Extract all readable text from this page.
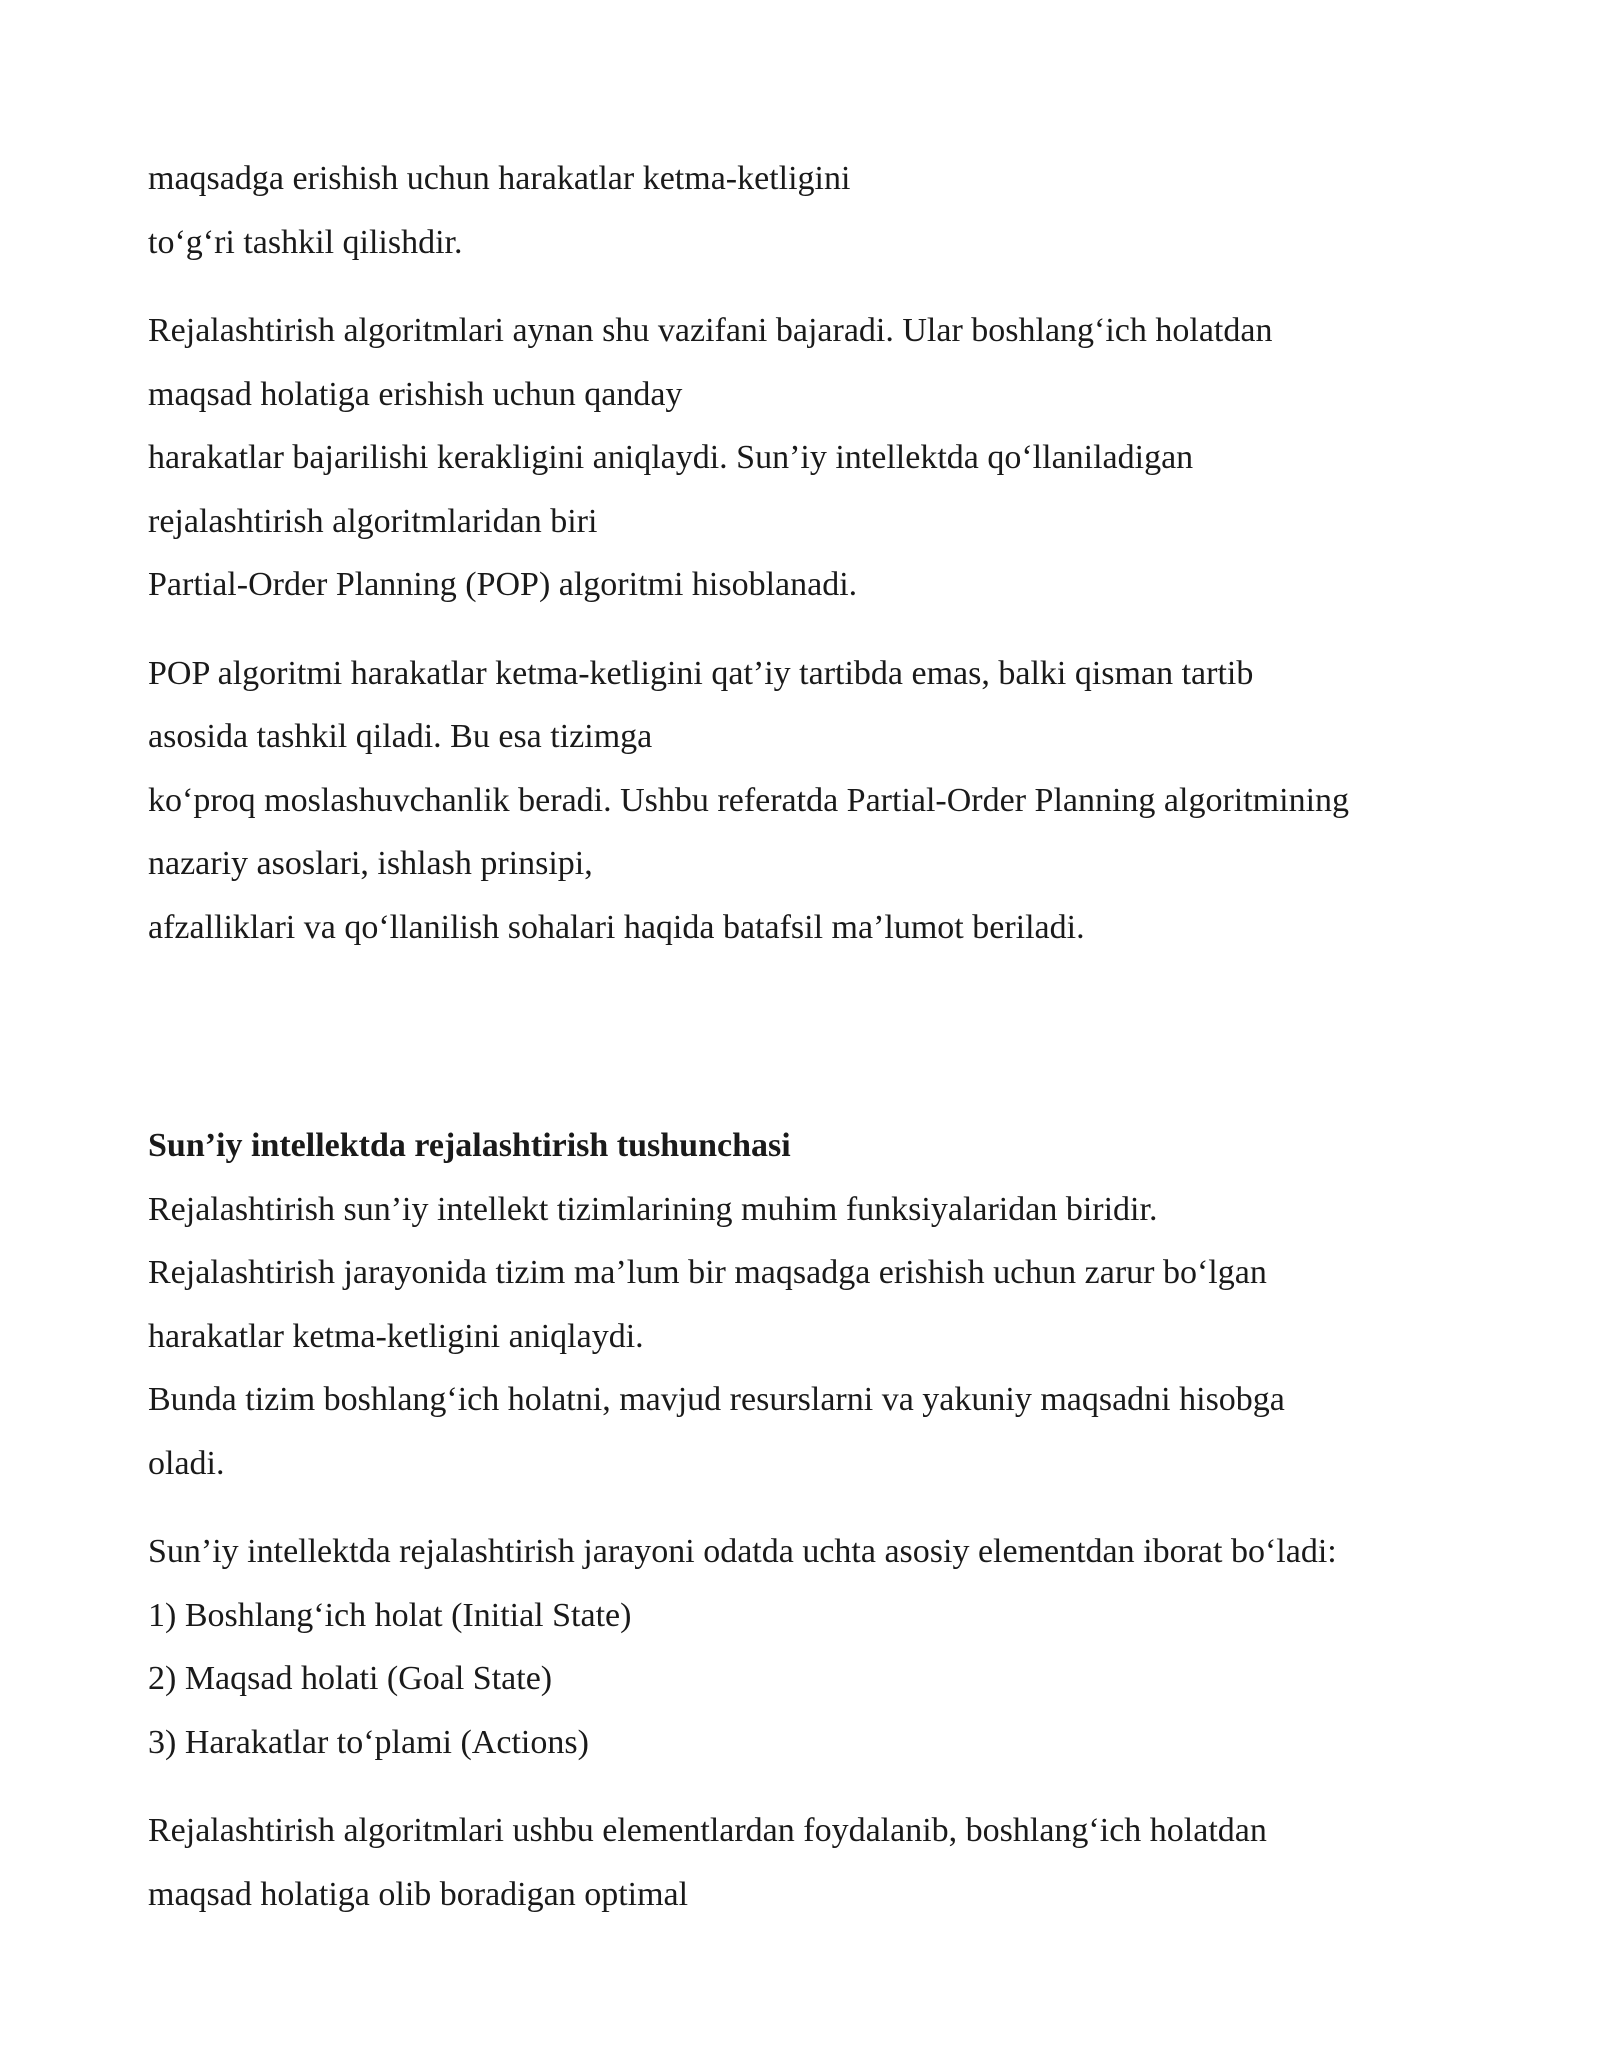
maqsadga erishish uchun harakatlar ketma-ketligini

to‘g‘ri tashkil qilishdir.

Rejalashtirish algoritmlari aynan shu vazifani bajaradi. Ular boshlang‘ich holatdan

maqsad holatiga erishish uchun qanday

harakatlar bajarilishi kerakligini aniqlaydi. Sun’iy intellektda qo‘llaniladigan

rejalashtirish algoritmlaridan biri

Partial-Order Planning (POP) algoritmi hisoblanadi.

POP algoritmi harakatlar ketma-ketligini qat’iy tartibda emas, balki qisman tartib

asosida tashkil qiladi. Bu esa tizimga

ko‘proq moslashuvchanlik beradi. Ushbu referatda Partial-Order Planning algoritmining

nazariy asoslari, ishlash prinsipi,

afzalliklari va qo‘llanilish sohalari haqida batafsil ma’lumot beriladi.

Sun’iy intellektda rejalashtirish tushunchasi

Rejalashtirish sun’iy intellekt tizimlarining muhim funksiyalaridan biridir.

Rejalashtirish jarayonida tizim ma’lum bir maqsadga erishish uchun zarur bo‘lgan

harakatlar ketma-ketligini aniqlaydi.

Bunda tizim boshlang‘ich holatni, mavjud resurslarni va yakuniy maqsadni hisobga

oladi.

Sun’iy intellektda rejalashtirish jarayoni odatda uchta asosiy elementdan iborat bo‘ladi:

1) Boshlang‘ich holat (Initial State)

2) Maqsad holati (Goal State)

3) Harakatlar to‘plami (Actions)

Rejalashtirish algoritmlari ushbu elementlardan foydalanib, boshlang‘ich holatdan

maqsad holatiga olib boradigan optimal
